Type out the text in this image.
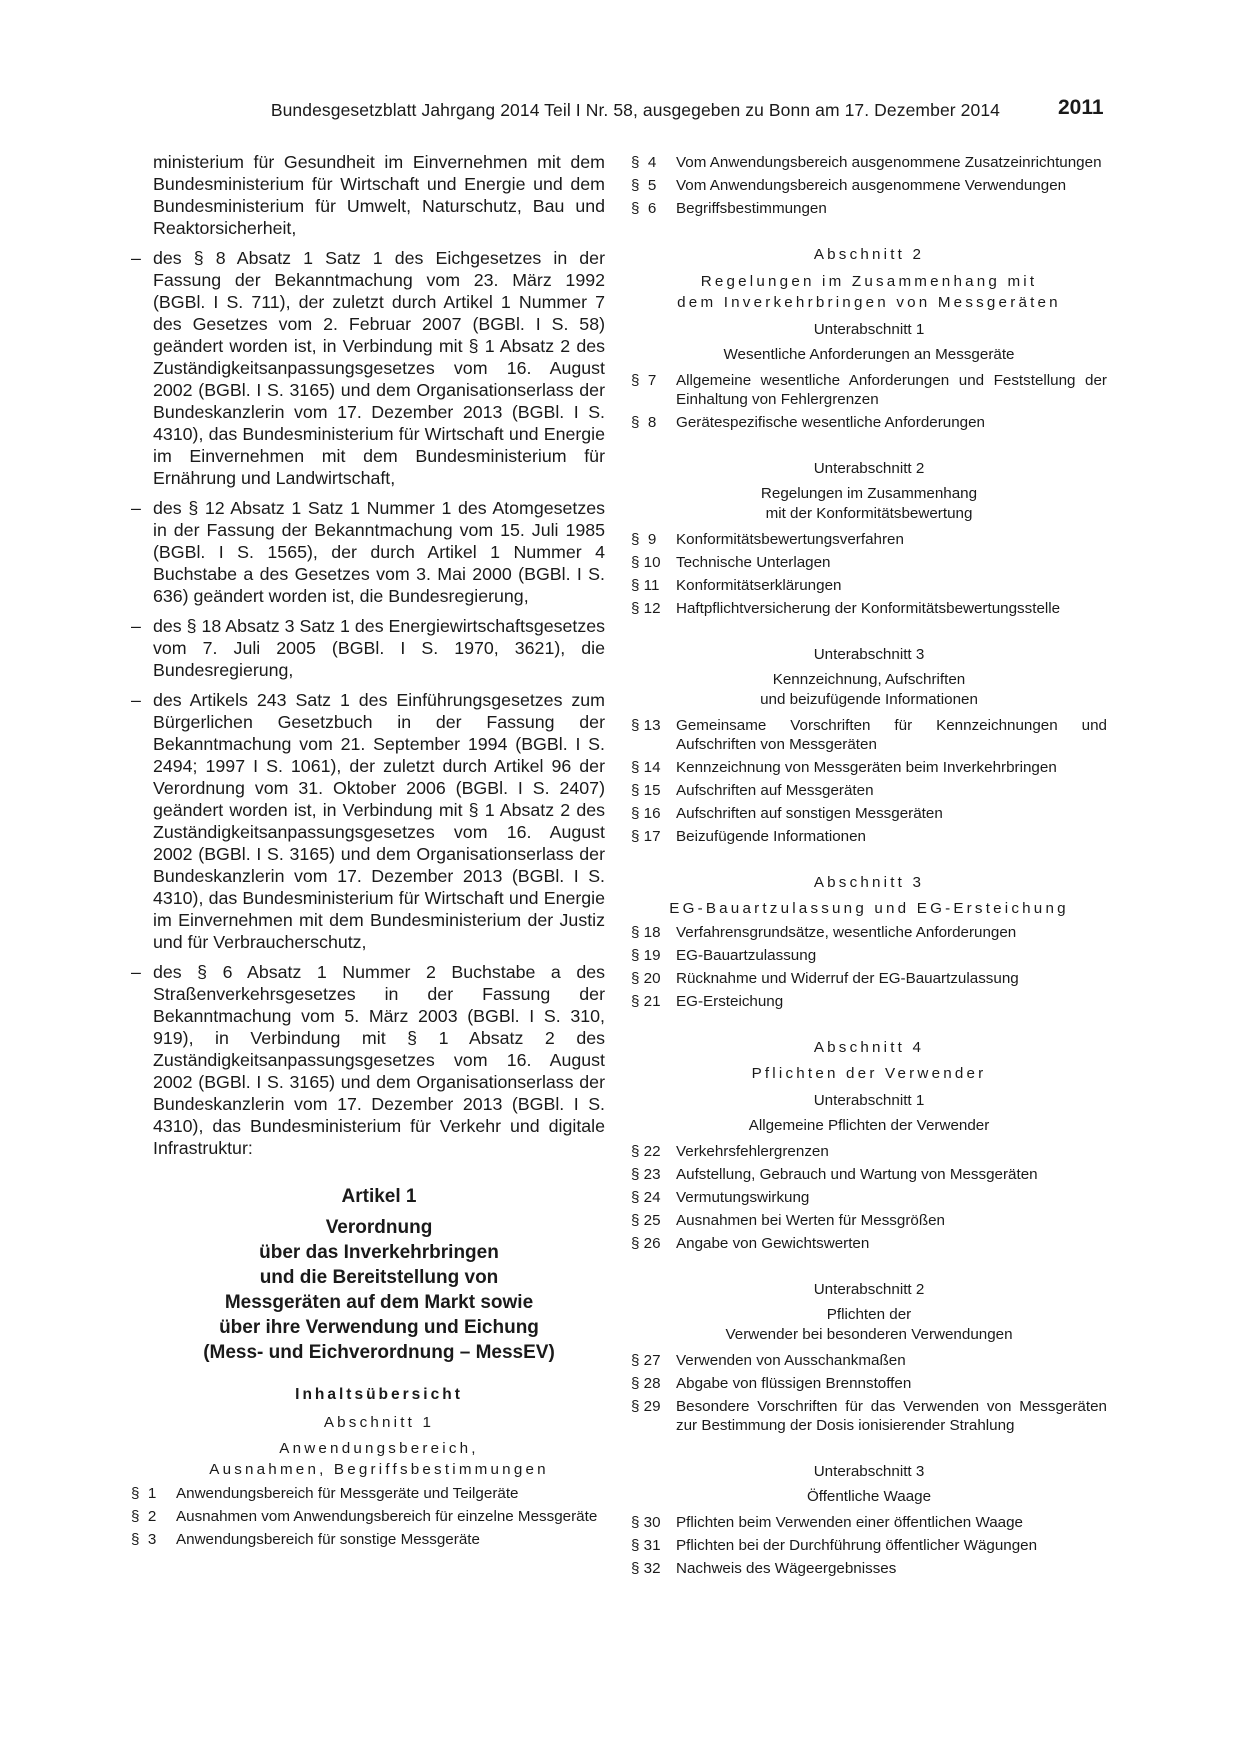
Bundesgesetzblatt Jahrgang 2014 Teil I Nr. 58, ausgegeben zu Bonn am 17. Dezember 2014	2011
ministerium für Gesundheit im Einvernehmen mit dem Bundesministerium für Wirtschaft und Energie und dem Bundesministerium für Umwelt, Naturschutz, Bau und Reaktorsicherheit,
– des § 8 Absatz 1 Satz 1 des Eichgesetzes in der Fassung der Bekanntmachung vom 23. März 1992 (BGBl. I S. 711), der zuletzt durch Artikel 1 Nummer 7 des Gesetzes vom 2. Februar 2007 (BGBl. I S. 58) geändert worden ist, in Verbindung mit § 1 Absatz 2 des Zuständigkeitsanpassungsgesetzes vom 16. August 2002 (BGBl. I S. 3165) und dem Organisationserlass der Bundeskanzlerin vom 17. Dezember 2013 (BGBl. I S. 4310), das Bundesministerium für Wirtschaft und Energie im Einvernehmen mit dem Bundesministerium für Ernährung und Landwirtschaft,
– des § 12 Absatz 1 Satz 1 Nummer 1 des Atomgesetzes in der Fassung der Bekanntmachung vom 15. Juli 1985 (BGBl. I S. 1565), der durch Artikel 1 Nummer 4 Buchstabe a des Gesetzes vom 3. Mai 2000 (BGBl. I S. 636) geändert worden ist, die Bundesregierung,
– des § 18 Absatz 3 Satz 1 des Energiewirtschaftsgesetzes vom 7. Juli 2005 (BGBl. I S. 1970, 3621), die Bundesregierung,
– des Artikels 243 Satz 1 des Einführungsgesetzes zum Bürgerlichen Gesetzbuch in der Fassung der Bekanntmachung vom 21. September 1994 (BGBl. I S. 2494; 1997 I S. 1061), der zuletzt durch Artikel 96 der Verordnung vom 31. Oktober 2006 (BGBl. I S. 2407) geändert worden ist, in Verbindung mit § 1 Absatz 2 des Zuständigkeitsanpassungsgesetzes vom 16. August 2002 (BGBl. I S. 3165) und dem Organisationserlass der Bundeskanzlerin vom 17. Dezember 2013 (BGBl. I S. 4310), das Bundesministerium für Wirtschaft und Energie im Einvernehmen mit dem Bundesministerium der Justiz und für Verbraucherschutz,
– des § 6 Absatz 1 Nummer 2 Buchstabe a des Straßenverkehrsgesetzes in der Fassung der Bekanntmachung vom 5. März 2003 (BGBl. I S. 310, 919), in Verbindung mit § 1 Absatz 2 des Zuständigkeitsanpassungsgesetzes vom 16. August 2002 (BGBl. I S. 3165) und dem Organisationserlass der Bundeskanzlerin vom 17. Dezember 2013 (BGBl. I S. 4310), das Bundesministerium für Verkehr und digitale Infrastruktur:
Artikel 1
Verordnung
über das Inverkehrbringen
und die Bereitstellung von
Messgeräten auf dem Markt sowie
über ihre Verwendung und Eichung
(Mess- und Eichverordnung – MessEV)
Inhaltsübersicht
Abschnitt 1
Anwendungsbereich,
Ausnahmen, Begriffsbestimmungen
§  1	Anwendungsbereich für Messgeräte und Teilgeräte
§  2	Ausnahmen vom Anwendungsbereich für einzelne Messgeräte
§  3	Anwendungsbereich für sonstige Messgeräte
§  4	Vom Anwendungsbereich ausgenommene Zusatzeinrichtungen
§  5	Vom Anwendungsbereich ausgenommene Verwendungen
§  6	Begriffsbestimmungen
Abschnitt 2
Regelungen im Zusammenhang mit
dem Inverkehrbringen von Messgeräten
Unterabschnitt 1
Wesentliche Anforderungen an Messgeräte
§  7	Allgemeine wesentliche Anforderungen und Feststellung der Einhaltung von Fehlergrenzen
§  8	Gerätespezifische wesentliche Anforderungen
Unterabschnitt 2
Regelungen im Zusammenhang
mit der Konformitätsbewertung
§  9	Konformitätsbewertungsverfahren
§ 10	Technische Unterlagen
§ 11	Konformitätserklärungen
§ 12	Haftpflichtversicherung der Konformitätsbewertungsstelle
Unterabschnitt 3
Kennzeichnung, Aufschriften
und beizufügende Informationen
§ 13	Gemeinsame Vorschriften für Kennzeichnungen und Aufschriften von Messgeräten
§ 14	Kennzeichnung von Messgeräten beim Inverkehrbringen
§ 15	Aufschriften auf Messgeräten
§ 16	Aufschriften auf sonstigen Messgeräten
§ 17	Beizufügende Informationen
Abschnitt 3
EG-Bauartzulassung und EG-Ersteichung
§ 18	Verfahrensgrundsätze, wesentliche Anforderungen
§ 19	EG-Bauartzulassung
§ 20	Rücknahme und Widerruf der EG-Bauartzulassung
§ 21	EG-Ersteichung
Abschnitt 4
Pflichten der Verwender
Unterabschnitt 1
Allgemeine Pflichten der Verwender
§ 22	Verkehrsfehlergrenzen
§ 23	Aufstellung, Gebrauch und Wartung von Messgeräten
§ 24	Vermutungswirkung
§ 25	Ausnahmen bei Werten für Messgrößen
§ 26	Angabe von Gewichtswerten
Unterabschnitt 2
Pflichten der
Verwender bei besonderen Verwendungen
§ 27	Verwenden von Ausschankmaßen
§ 28	Abgabe von flüssigen Brennstoffen
§ 29	Besondere Vorschriften für das Verwenden von Messgeräten zur Bestimmung der Dosis ionisierender Strahlung
Unterabschnitt 3
Öffentliche Waage
§ 30	Pflichten beim Verwenden einer öffentlichen Waage
§ 31	Pflichten bei der Durchführung öffentlicher Wägungen
§ 32	Nachweis des Wägeergebnisses
